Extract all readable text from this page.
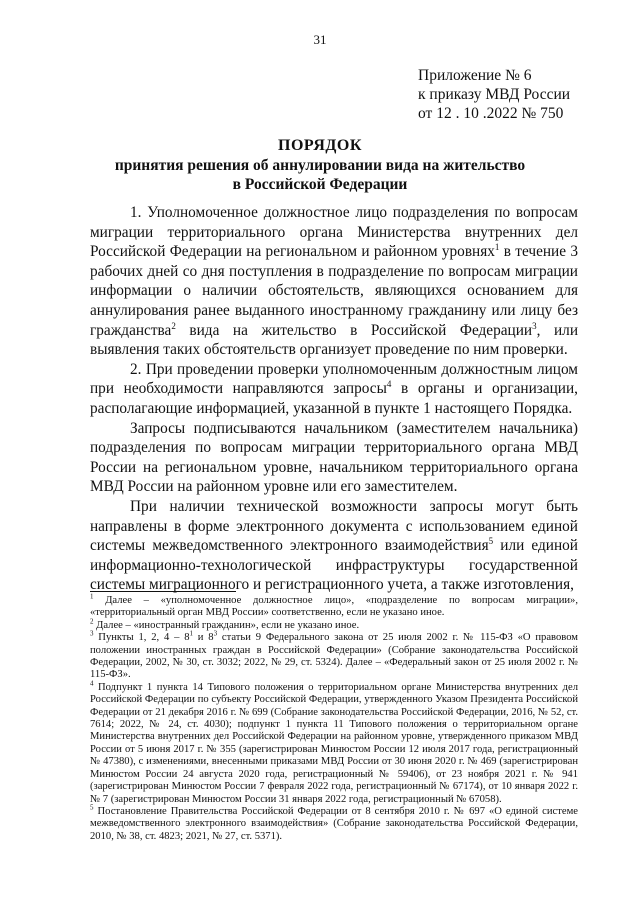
31
Приложение № 6
к приказу МВД России
от 12 . 10 .2022 № 750
ПОРЯДОК
принятия решения об аннулировании вида на жительство
в Российской Федерации

1. Уполномоченное должностное лицо подразделения по вопросам миграции территориального органа Министерства внутренних дел Российской Федерации на региональном и районном уровнях$^1$ в течение 3 рабочих дней со дня поступления в подразделение по вопросам миграции информации о наличии обстоятельств, являющихся основанием для аннулирования ранее выданного иностранному гражданину или лицу без гражданства$^2$ вида на жительство в Российской Федерации$^3$, или выявления таких обстоятельств организует проведение по ним проверки.

2. При проведении проверки уполномоченным должностным лицом при необходимости направляются запросы$^4$ в органы и организации, располагающие информацией, указанной в пункте 1 настоящего Порядка.

Запросы подписываются начальником (заместителем начальника) подразделения по вопросам миграции территориального органа МВД России на региональном уровне, начальником территориального органа МВД России на районном уровне или его заместителем.

При наличии технической возможности запросы могут быть направлены в форме электронного документа с использованием единой системы межведомственного электронного взаимодействия$^5$ или единой информационно-технологической инфраструктуры государственной системы миграционного и регистрационного учета, а также изготовления,

$^1$ Далее – «уполномоченное должностное лицо», «подразделение по вопросам миграции», «территориальный орган МВД России» соответственно, если не указано иное.

$^2$ Далее – «иностранный гражданин», если не указано иное.

$^3$ Пункты 1, 2, $4 - 8^1$ и $8^3$ статьи 9 Федерального закона от 25 июля 2002 г. № 115-ФЗ «О правовом положении иностранных граждан в Российской Федерации» (Собрание законодательства Российской Федерации, 2002, № 30, ст. 3032; 2022, № 29, ст. 5324). Далее – «Федеральный закон от 25 июля 2002 г. № 115-ФЗ».

$^4$ Подпункт 1 пункта 14 Типового положения о территориальном органе Министерства внутренних дел Российской Федерации по субъекту Российской Федерации, утвержденного Указом Президента Российской Федерации от 21 декабря 2016 г. № 699 (Собрание законодательства Российской Федерации, 2016, № 52, ст. 7614; 2022, № 24, ст. 4030); подпункт 1 пункта 11 Типового положения о территориальном органе Министерства внутренних дел Российской Федерации на районном уровне, утвержденного приказом МВД России от 5 июня 2017 г. № 355 (зарегистрирован Минюстом России 12 июля 2017 года, регистрационный № 47380), с изменениями, внесенными приказами МВД России от 30 июня 2020 г. № 469 (зарегистрирован Минюстом России 24 августа 2020 года, регистрационный № 59406), от 23 ноября 2021 г. № 941 (зарегистрирован Минюстом России 7 февраля 2022 года, регистрационный № 67174), от 10 января 2022 г. № 7 (зарегистрирован Минюстом России 31 января 2022 года, регистрационный № 67058).

$^5$ Постановление Правительства Российской Федерации от 8 сентября 2010 г. № 697 «О единой системе межведомственного электронного взаимодействия» (Собрание законодательства Российской Федерации, 2010, № 38, ст. 4823; 2021, № 27, ст. 5371).
